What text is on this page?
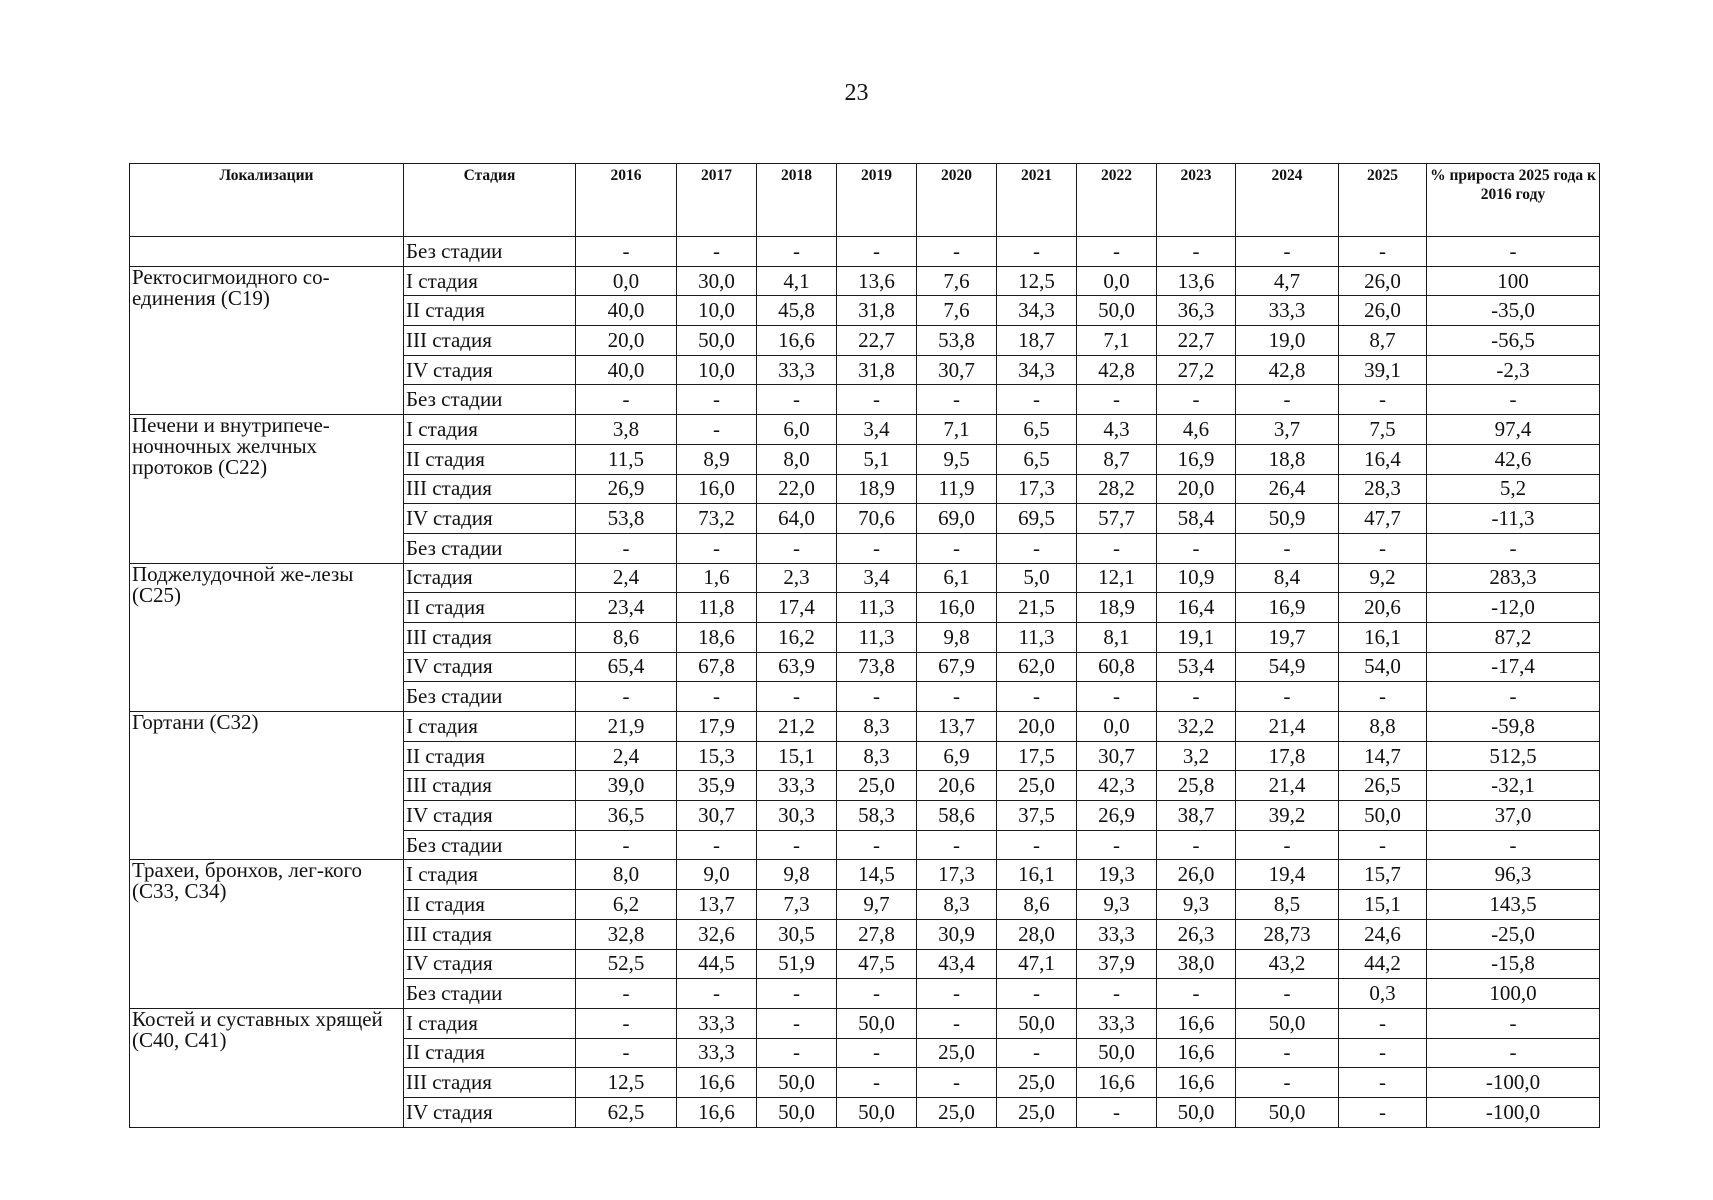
23
Локализации	Стадия	2016	2017	2018	2019	2020	2021	2022	2023	2024	2025	% прироста 2025 года к 2016 году
	Без стадии	-	-	-	-	-	-	-	-	-	-	-
Ректосигмоидного со-единения (С19)	I стадия	0,0	30,0	4,1	13,6	7,6	12,5	0,0	13,6	4,7	26,0	100
	II стадия	40,0	10,0	45,8	31,8	7,6	34,3	50,0	36,3	33,3	26,0	-35,0
	III стадия	20,0	50,0	16,6	22,7	53,8	18,7	7,1	22,7	19,0	8,7	-56,5
	IV стадия	40,0	10,0	33,3	31,8	30,7	34,3	42,8	27,2	42,8	39,1	-2,3
	Без стадии	-	-	-	-	-	-	-	-	-	-	-
Печени и внутрипече-ночночных желчных протоков (С22)	I стадия	3,8	-	6,0	3,4	7,1	6,5	4,3	4,6	3,7	7,5	97,4
	II стадия	11,5	8,9	8,0	5,1	9,5	6,5	8,7	16,9	18,8	16,4	42,6
	III стадия	26,9	16,0	22,0	18,9	11,9	17,3	28,2	20,0	26,4	28,3	5,2
	IV стадия	53,8	73,2	64,0	70,6	69,0	69,5	57,7	58,4	50,9	47,7	-11,3
	Без стадии	-	-	-	-	-	-	-	-	-	-	-
Поджелудочной же-лезы (С25)	Iстадия	2,4	1,6	2,3	3,4	6,1	5,0	12,1	10,9	8,4	9,2	283,3
	II стадия	23,4	11,8	17,4	11,3	16,0	21,5	18,9	16,4	16,9	20,6	-12,0
	III стадия	8,6	18,6	16,2	11,3	9,8	11,3	8,1	19,1	19,7	16,1	87,2
	IV стадия	65,4	67,8	63,9	73,8	67,9	62,0	60,8	53,4	54,9	54,0	-17,4
	Без стадии	-	-	-	-	-	-	-	-	-	-	-
Гортани (С32)	I стадия	21,9	17,9	21,2	8,3	13,7	20,0	0,0	32,2	21,4	8,8	-59,8
	II стадия	2,4	15,3	15,1	8,3	6,9	17,5	30,7	3,2	17,8	14,7	512,5
	III стадия	39,0	35,9	33,3	25,0	20,6	25,0	42,3	25,8	21,4	26,5	-32,1
	IV стадия	36,5	30,7	30,3	58,3	58,6	37,5	26,9	38,7	39,2	50,0	37,0
	Без стадии	-	-	-	-	-	-	-	-	-	-	-
Трахеи, бронхов, лег-кого (С33, С34)	I стадия	8,0	9,0	9,8	14,5	17,3	16,1	19,3	26,0	19,4	15,7	96,3
	II стадия	6,2	13,7	7,3	9,7	8,3	8,6	9,3	9,3	8,5	15,1	143,5
	III стадия	32,8	32,6	30,5	27,8	30,9	28,0	33,3	26,3	28,73	24,6	-25,0
	IV стадия	52,5	44,5	51,9	47,5	43,4	47,1	37,9	38,0	43,2	44,2	-15,8
	Без стадии	-	-	-	-	-	-	-	-	-	0,3	100,0
Костей и суставных хрящей (С40, С41)	I стадия	-	33,3	-	50,0	-	50,0	33,3	16,6	50,0	-	-
	II стадия	-	33,3	-	-	25,0	-	50,0	16,6	-	-	-
	III стадия	12,5	16,6	50,0	-	-	25,0	16,6	16,6	-	-	-100,0
	IV стадия	62,5	16,6	50,0	50,0	25,0	25,0	-	50,0	50,0	-	-100,0
